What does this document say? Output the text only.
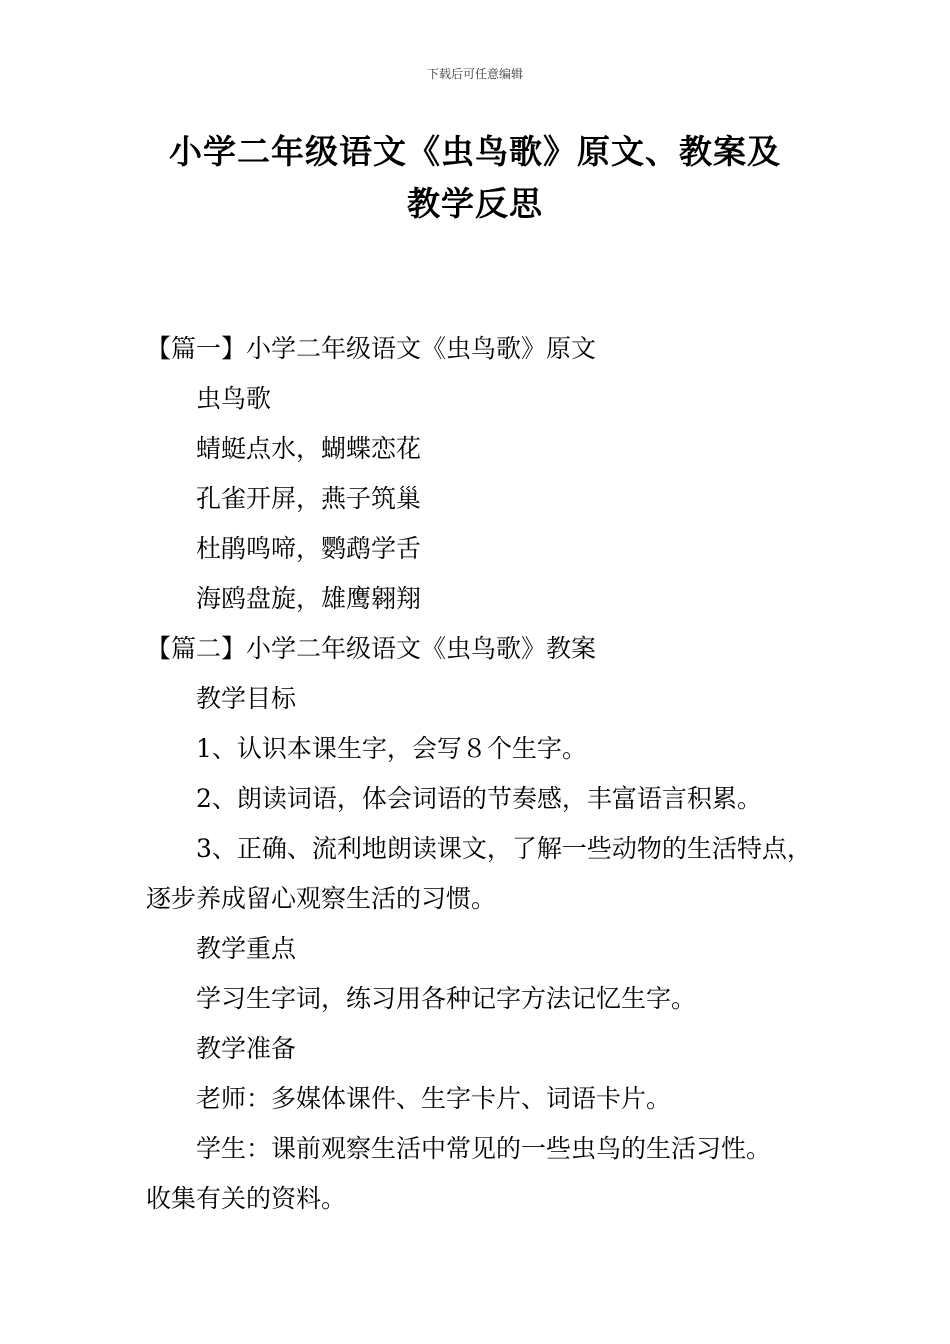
下载后可任意编辑
小学二年级语文《虫鸟歌》原文、教案及
教学反思
【篇一】小学二年级语文《虫鸟歌》原文
虫鸟歌
蜻蜓点水，蝴蝶恋花
孔雀开屏，燕子筑巢
杜鹃鸣啼，鹦鹉学舌
海鸥盘旋，雄鹰翱翔
【篇二】小学二年级语文《虫鸟歌》教案
教学目标
1、认识本课生字，会写８个生字。
2、朗读词语，体会词语的节奏感，丰富语言积累。
3、正确、流利地朗读课文，了解一些动物的生活特点，
逐步养成留心观察生活的习惯。
教学重点
学习生字词，练习用各种记字方法记忆生字。
教学准备
老师：多媒体课件、生字卡片、词语卡片。
学生：课前观察生活中常见的一些虫鸟的生活习性。
收集有关的资料。
